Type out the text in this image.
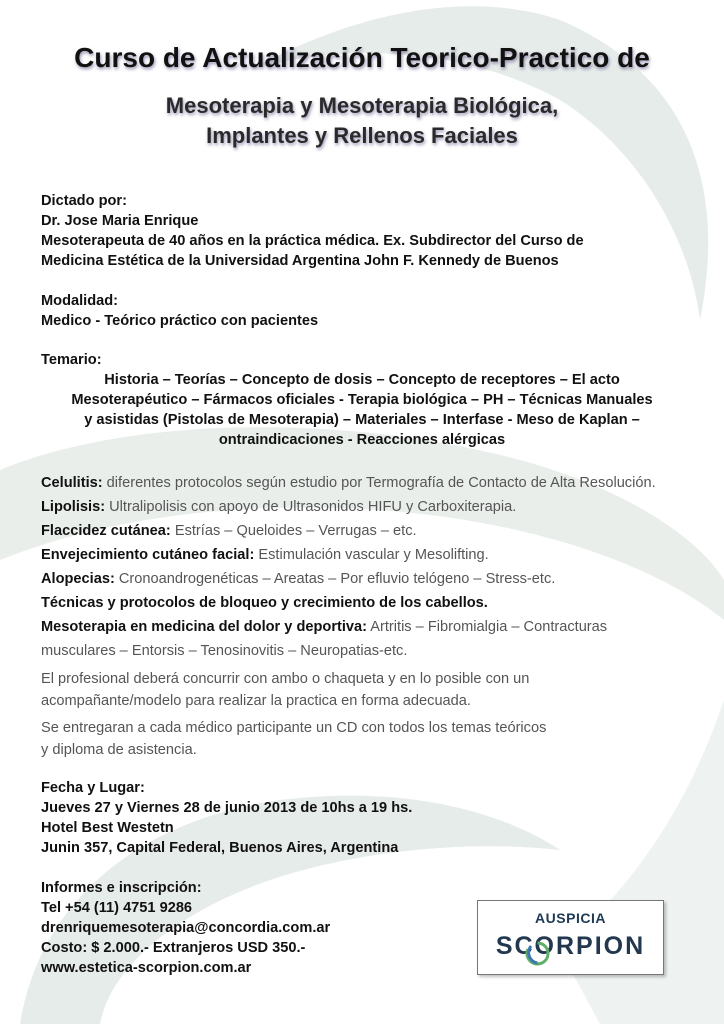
Curso de Actualización Teorico-Practico de
Mesoterapia y Mesoterapia Biológica,
Implantes y Rellenos Faciales
Dictado por:
Dr. Jose Maria Enrique
Mesoterapeuta de 40 años en la práctica médica. Ex. Subdirector del Curso de
Medicina Estética de la Universidad Argentina John F. Kennedy de Buenos
Modalidad:
Medico - Teórico práctico con pacientes
Temario:
Historia – Teorías – Concepto de dosis – Concepto de receptores – El acto
Mesoterapéutico – Fármacos oficiales - Terapia biológica – PH – Técnicas Manuales
y asistidas (Pistolas de Mesoterapia) – Materiales – Interfase - Meso de Kaplan –
ontraindicaciones - Reacciones alérgicas
Celulitis: diferentes protocolos según estudio por Termografía de Contacto de Alta Resolución.
Lipolisis: Ultralipolisis con apoyo de Ultrasonidos HIFU y Carboxiterapia.
Flaccidez cutánea: Estrías – Queloides – Verrugas – etc.
Envejecimiento cutáneo facial: Estimulación vascular y Mesolifting.
Alopecias: Cronoandrogenéticas – Areatas – Por efluvio telógeno – Stress-etc.
Técnicas y protocolos de bloqueo y crecimiento de los cabellos.
Mesoterapia en medicina del dolor y deportiva: Artritis – Fibromialgia – Contracturas
musculares – Entorsis – Tenosinovitis – Neuropatias-etc.
El profesional deberá concurrir con ambo o chaqueta y en lo posible con un
acompañante/modelo para realizar la practica en forma adecuada.
Se entregaran a cada médico participante un CD con todos los temas teóricos
y diploma de asistencia.
Fecha y Lugar:
Jueves 27 y Viernes 28 de junio 2013 de 10hs a 19 hs.
Hotel Best Westetn
Junin 357, Capital Federal, Buenos Aires, Argentina
Informes e inscripción:
Tel +54 (11) 4751 9286
drenriquemesoterapia@concordia.com.ar
Costo: $ 2.000.- Extranjeros USD 350.-
www.estetica-scorpion.com.ar
AUSPICIA
SCORPION
